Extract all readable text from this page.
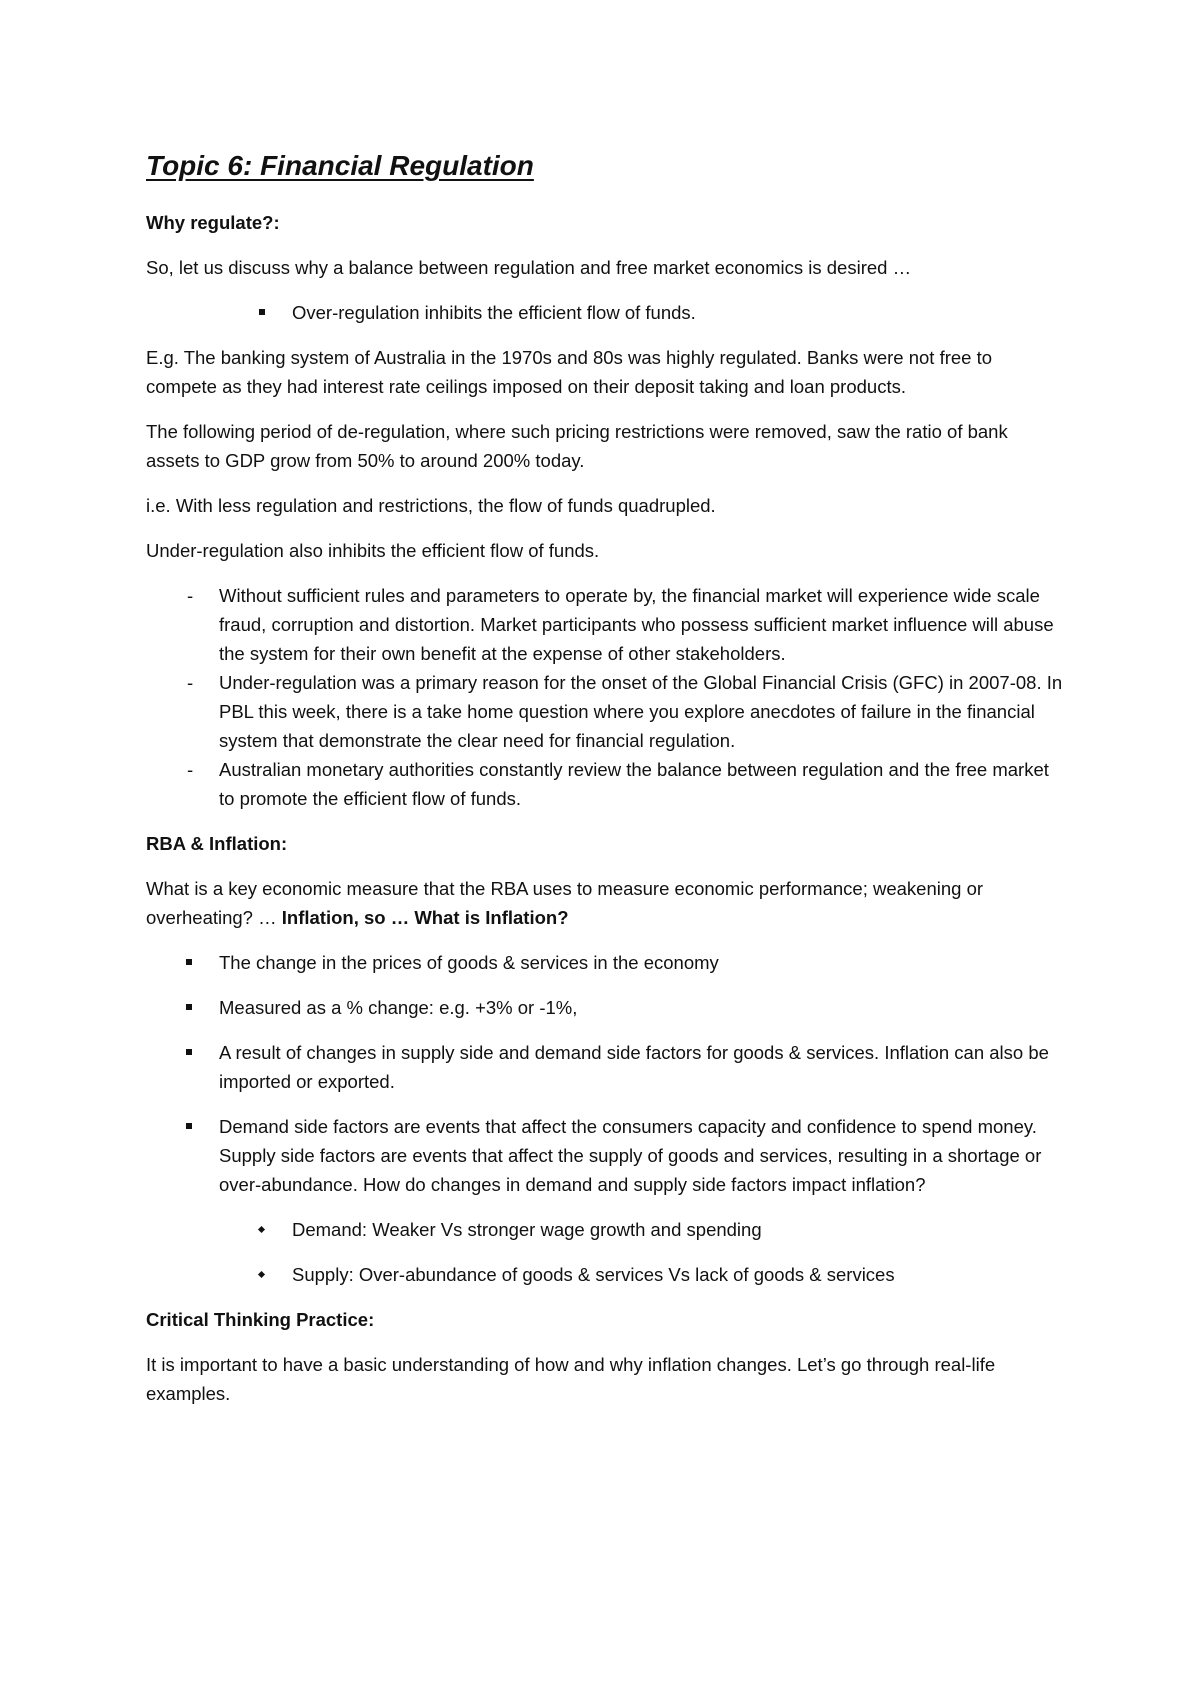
Topic 6: Financial Regulation
Why regulate?:

So, let us discuss why a balance between regulation and free market economics is desired …

Over-regulation inhibits the efficient flow of funds.

E.g. The banking system of Australia in the 1970s and 80s was highly regulated. Banks were not free to compete as they had interest rate ceilings imposed on their deposit taking and loan products.

The following period of de-regulation, where such pricing restrictions were removed, saw the ratio of bank assets to GDP grow from 50% to around 200% today.

i.e. With less regulation and restrictions, the flow of funds quadrupled.

Under-regulation also inhibits the efficient flow of funds.

- Without sufficient rules and parameters to operate by, the financial market will experience wide scale fraud, corruption and distortion. Market participants who possess sufficient market influence will abuse the system for their own benefit at the expense of other stakeholders.
- Under-regulation was a primary reason for the onset of the Global Financial Crisis (GFC) in 2007-08. In PBL this week, there is a take home question where you explore anecdotes of failure in the financial system that demonstrate the clear need for financial regulation.
- Australian monetary authorities constantly review the balance between regulation and the free market to promote the efficient flow of funds.
RBA & Inflation:

What is a key economic measure that the RBA uses to measure economic performance; weakening or overheating? … Inflation, so … What is Inflation?

The change in the prices of goods & services in the economy
Measured as a % change: e.g. +3% or -1%,
A result of changes in supply side and demand side factors for goods & services. Inflation can also be imported or exported.
Demand side factors are events that affect the consumers capacity and confidence to spend money. Supply side factors are events that affect the supply of goods and services, resulting in a shortage or over-abundance. How do changes in demand and supply side factors impact inflation?
Demand: Weaker Vs stronger wage growth and spending
Supply: Over-abundance of goods & services Vs lack of goods & services
Critical Thinking Practice:

It is important to have a basic understanding of how and why inflation changes. Let’s go through real-life examples.
